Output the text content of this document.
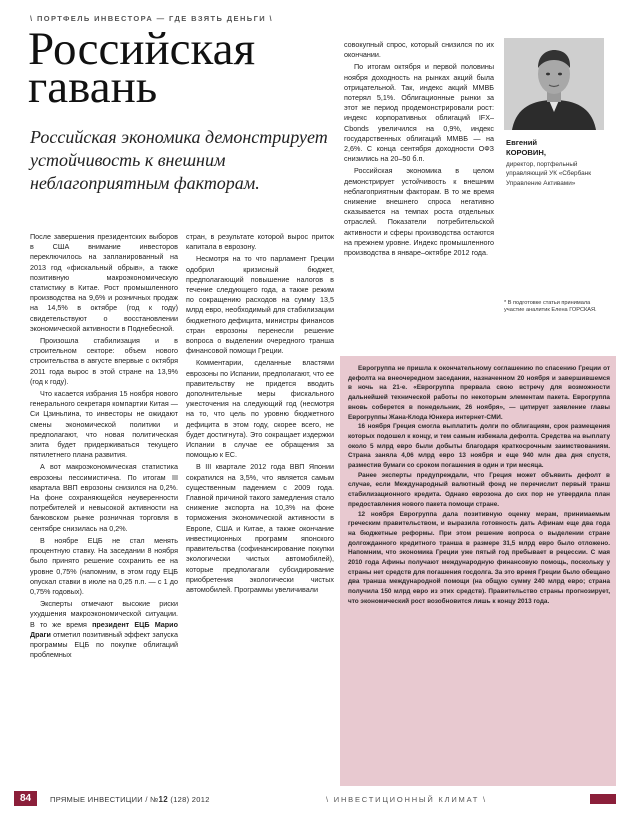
\ ПОРТФЕЛЬ ИНВЕСТОРА — ГДЕ ВЗЯТЬ ДЕНЬГИ \
Российская
гавань
Российская экономика демонстрирует устойчивость к внешним неблагоприятным факторам.

После завершения президентских выборов в США внимание инвесторов переключилось на запланированный на 2013 год «фискальный обрыв», а также позитивную макроэкономическую статистику в Китае. Рост промышленного производства на 9,6% и розничных продаж на 14,5% в октябре (год к году) свидетельствуют о восстановлении экономической активности в Поднебесной.

Произошла стабилизация и в строительном секторе: объем нового строительства в августе впервые с октября 2011 года вырос в этой стране на 13,9% (год к году).

Что касается избрания 15 ноября нового генерального секретаря компартии Китая — Си Цзиньпина, то инвесторы не ожидают смены экономической политики и предполагают, что новая политическая элита будет придерживаться текущего пятилетнего плана развития.

А вот макроэкономическая статистика еврозоны пессимистична. По итогам III квартала ВВП еврозоны снизился на 0,2%. На фоне сохраняющейся неуверенности потребителей и невысокой активности на банковском рынке розничная торговля в сентябре снизилась на 0,2%.

В ноябре ЕЦБ не стал менять процентную ставку. На заседании 8 ноября было принято решение сохранить ее на уровне 0,75% (напомним, в этом году ЕЦБ опускал ставки в июле на 0,25 п.п. — с 1 до 0,75% годовых).

Эксперты отмечают высокие риски ухудшения макроэкономической ситуации. В то же время президент ЕЦБ Марио Драги отметил позитивный эффект запуска программы ЕЦБ по покупке облигаций проблемных

стран, в результате которой вырос приток капитала в еврозону.

Несмотря на то что парламент Греции одобрил кризисный бюджет, предполагающий повышение налогов в течение следующего года, а также режим по сокращению расходов на сумму 13,5 млрд евро, необходимый для стабилизации бюджетного дефицита, министры финансов стран еврозоны перенесли решение вопроса о выделении очередного транша финансовой помощи Греции.

Комментарии, сделанные властями еврозоны по Испании, предполагают, что ее правительству не придется вводить дополнительные меры фискального ужесточения на следующий год (несмотря на то, что цель по уровню бюджетного дефицита в этом году, скорее всего, не будет достигнута). Это сокращает издержки Испании в случае ее обращения за помощью к ЕС.

В III квартале 2012 года ВВП Японии сократился на 3,5%, что является самым существенным падением с 2009 года. Главной причиной такого замедления стало снижение экспорта на 10,3% на фоне торможения экономической активности в Европе, США и Китае, а также окончание инвестиционных программ японского правительства (софинансирование покупки экологически чистых автомобилей), которые предполагали субсидирование приобретения экологически чистых автомобилей. Программы увеличивали

совокупный спрос, который снизился по их окончании.

По итогам октября и первой половины ноября доходность на рынках акций была отрицательной. Так, индекс акций ММВБ потерял 5,1%. Облигационные рынки за этот же период продемонстрировали рост: индекс корпоративных облигаций IFX–Cbonds увеличился на 0,9%, индекс государственных облигаций ММВБ — на 2,6%. С конца сентября доходности ОФЗ снизились на 20–50 б.п.

Российская экономика в целом демонстрирует устойчивость к внешним неблагоприятным факторам. В то же время снижение внешнего спроса негативно сказывается на темпах роста отдельных отраслей. Показатели потребительской активности и сферы производства остаются на прежнем уровне. Индекс промышленного производства в январе–октябре 2012 года.

Евгений
КОРОВИН,
директор, портфельный управляющий УК «Сбербанк Управление Активами»
* В подготовке статьи принимала участие аналитик Елена ГОРСКАЯ.

Еврогруппа не пришла к окончательному соглашению по спасению Греции от дефолта на внеочередном заседании, назначенном 20 ноября и завершившемся в ночь на 21-е. «Еврогруппа прервала свою встречу для возможности дальнейшей технической работы по некоторым элементам пакета. Еврогруппа вновь соберется в понедельник, 26 ноября», — цитирует заявление главы Еврогруппы Жана-Клода Юнкера интернет-СМИ.

16 ноября Греция смогла выплатить долги по облигациям, срок размещения которых подошел к концу, и тем самым избежала дефолта. Средства на выплату около 5 млрд евро были добыты благодаря краткосрочным заимствованиям. Страна заняла 4,06 млрд евро 13 ноября и еще 940 млн два дня спустя, разместив бумаги со сроком погашения в один и три месяца.

Ранее эксперты предупреждали, что Греция может объявить дефолт в случае, если Международный валютный фонд не перечислит первый транш стабилизационного кредита. Однако еврозона до сих пор не утвердила план предоставления нового пакета помощи стране.

12 ноября Еврогруппа дала позитивную оценку мерам, принимаемым греческим правительством, и выразила готовность дать Афинам еще два года на бюджетные реформы. При этом решение вопроса о выделении стране долгожданного кредитного транша в размере 31,5 млрд евро было отложено. Напомним, что экономика Греции уже пятый год пребывает в рецессии. С мая 2010 года Афины получают международную финансовую помощь, поскольку у страны нет средств для погашения госдолга. За это время Греции было обещано два транша международной помощи (на общую сумму 240 млрд евро; страна получила 150 млрд евро из этих средств). Правительство страны прогнозирует, что экономический рост возобновится лишь к концу 2013 года.

84	ПРЯМЫЕ ИНВЕСТИЦИИ / №12 (128) 2012	\ ИНВЕСТИЦИОННЫЙ КЛИМАТ \
